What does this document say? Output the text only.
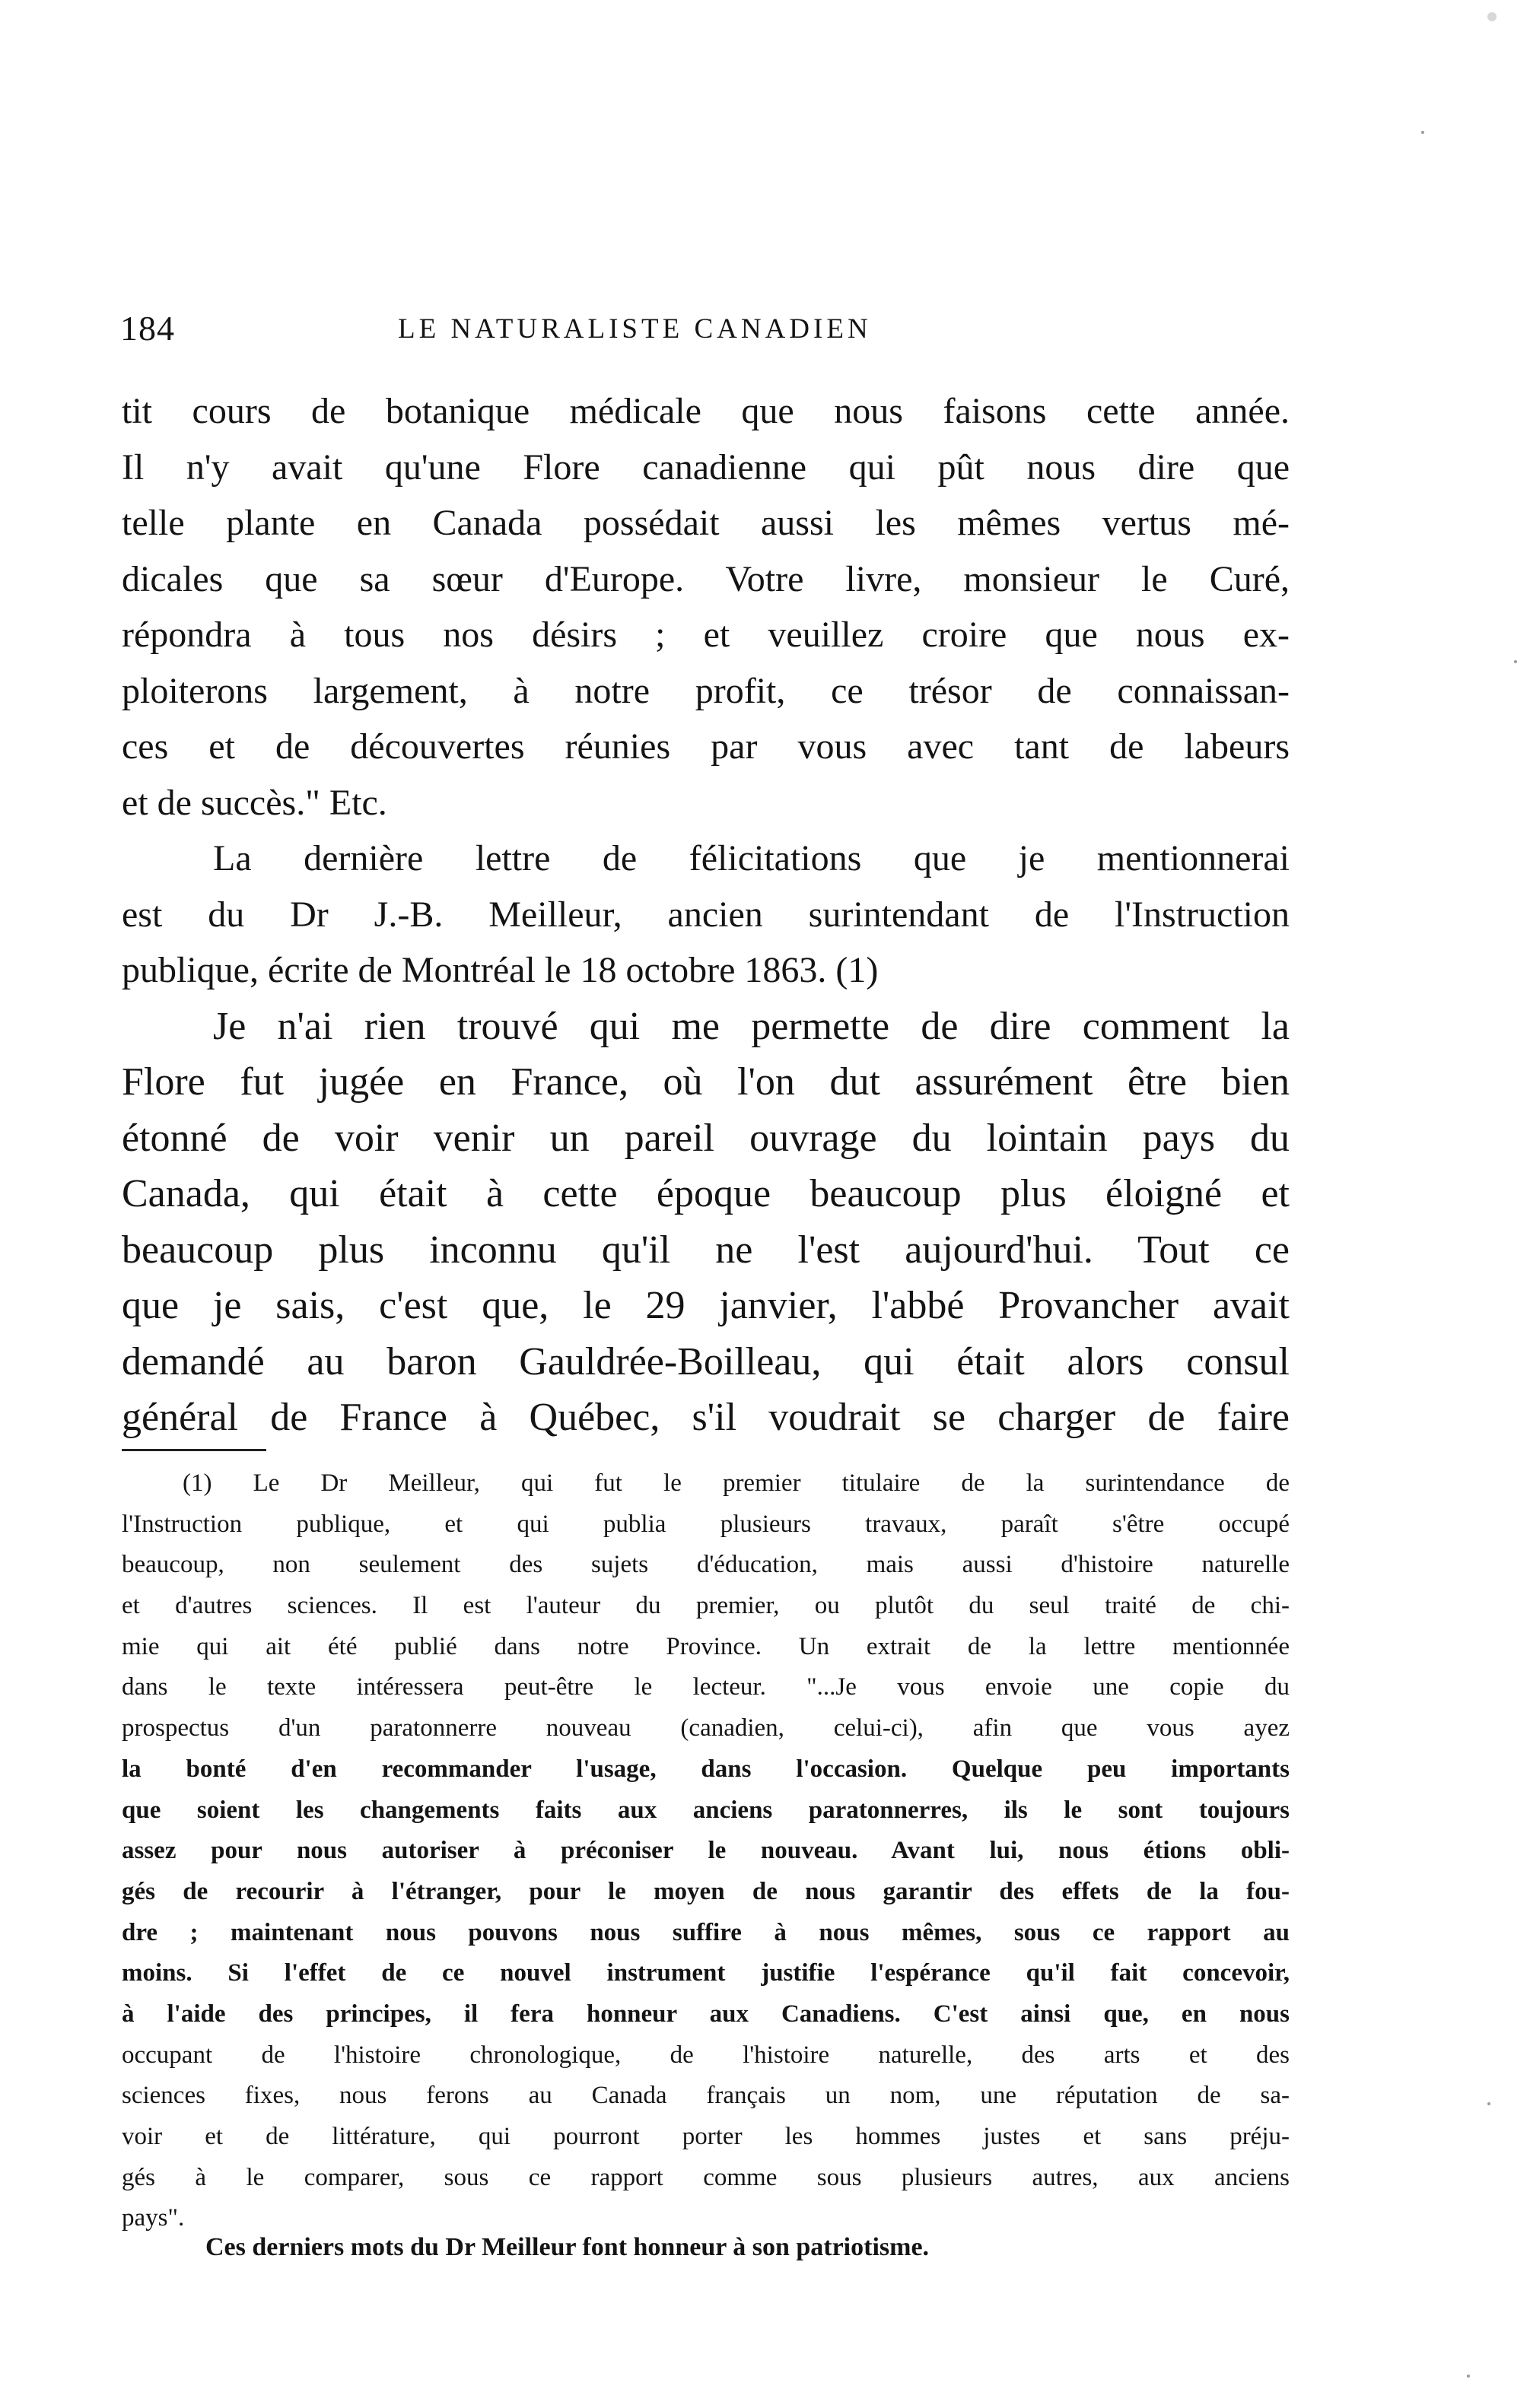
184	LE NATURALISTE CANADIEN
tit cours de botanique médicale que nous faisons cette année.
Il n'y avait qu'une Flore canadienne qui pût nous dire que
telle plante en Canada possédait aussi les mêmes vertus mé-
dicales que sa sœur d'Europe. Votre livre, monsieur le Curé,
répondra à tous nos désirs ; et veuillez croire que nous ex-
ploiterons largement, à notre profit, ce trésor de connaissan-
ces et de découvertes réunies par vous avec tant de labeurs
et de succès." Etc.
La dernière lettre de félicitations que je mentionnerai
est du Dr J.-B. Meilleur, ancien surintendant de l'Instruction
publique, écrite de Montréal le 18 octobre 1863. (1)
Je n'ai rien trouvé qui me permette de dire comment la
Flore fut jugée en France, où l'on dut assurément être bien
étonné de voir venir un pareil ouvrage du lointain pays du
Canada, qui était à cette époque beaucoup plus éloigné et
beaucoup plus inconnu qu'il ne l'est aujourd'hui. Tout ce
que je sais, c'est que, le 29 janvier, l'abbé Provancher avait
demandé au baron Gauldrée-Boilleau, qui était alors consul
général de France à Québec, s'il voudrait se charger de faire
(1) Le Dr Meilleur, qui fut le premier titulaire de la surintendance de
l'Instruction publique, et qui publia plusieurs travaux, paraît s'être occupé
beaucoup, non seulement des sujets d'éducation, mais aussi d'histoire naturelle
et d'autres sciences. Il est l'auteur du premier, ou plutôt du seul traité de chi-
mie qui ait été publié dans notre Province. Un extrait de la lettre mentionnée
dans le texte intéressera peut-être le lecteur. "...Je vous envoie une copie du
prospectus d'un paratonnerre nouveau (canadien, celui-ci), afin que vous ayez
la bonté d'en recommander l'usage, dans l'occasion. Quelque peu importants
que soient les changements faits aux anciens paratonnerres, ils le sont toujours
assez pour nous autoriser à préconiser le nouveau. Avant lui, nous étions obli-
gés de recourir à l'étranger, pour le moyen de nous garantir des effets de la fou-
dre ; maintenant nous pouvons nous suffire à nous mêmes, sous ce rapport au
moins. Si l'effet de ce nouvel instrument justifie l'espérance qu'il fait concevoir,
à l'aide des principes, il fera honneur aux Canadiens. C'est ainsi que, en nous
occupant de l'histoire chronologique, de l'histoire naturelle, des arts et des
sciences fixes, nous ferons au Canada français un nom, une réputation de sa-
voir et de littérature, qui pourront porter les hommes justes et sans préju-
gés à le comparer, sous ce rapport comme sous plusieurs autres, aux anciens
pays".
Ces derniers mots du Dr Meilleur font honneur à son patriotisme.
